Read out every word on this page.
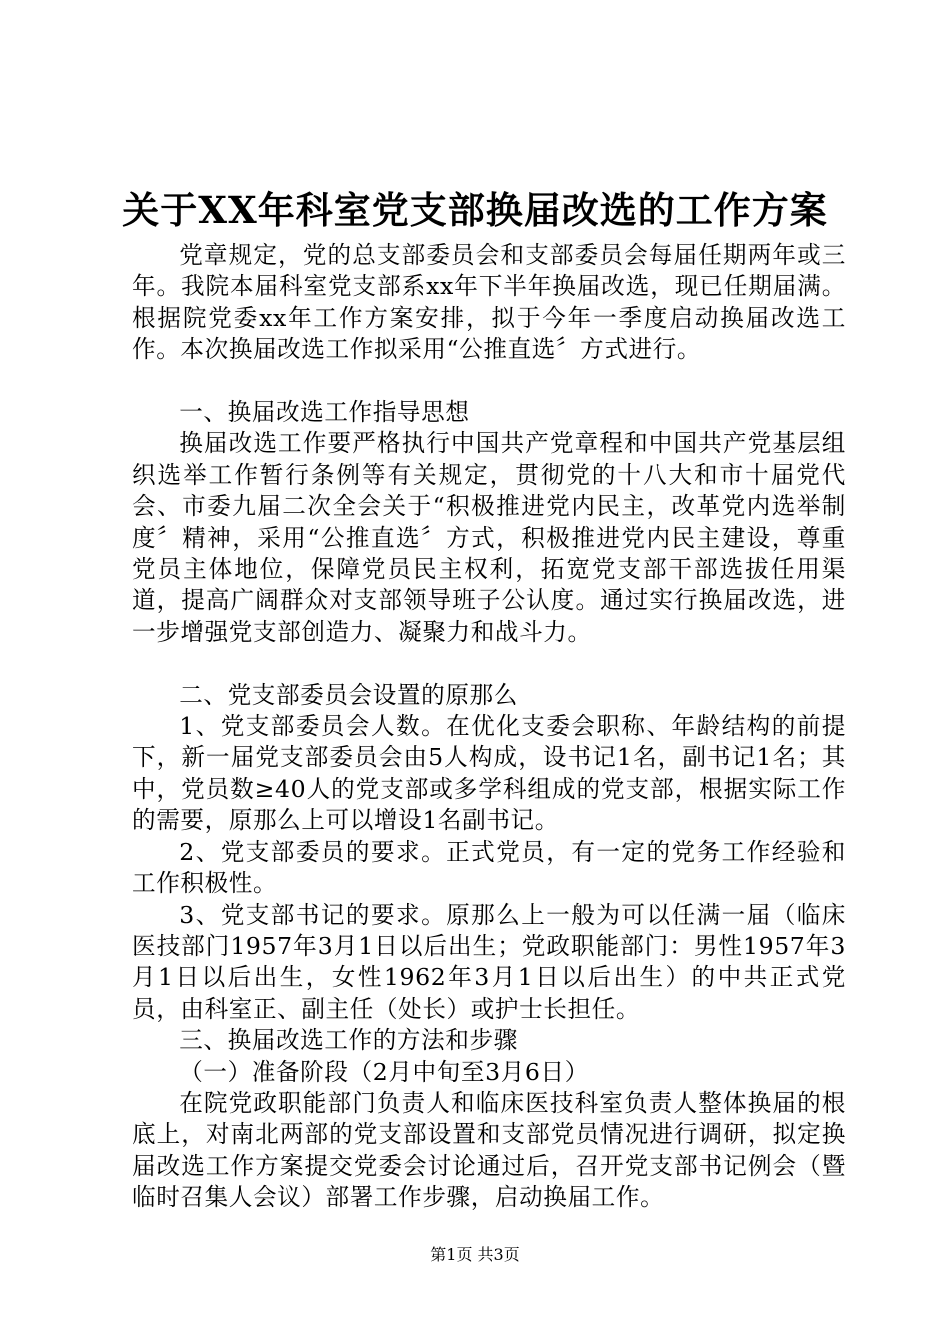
关于XX年科室党支部换届改选的工作方案

党章规定，党的总支部委员会和支部委员会每届任期两年或三年。我院本届科室党支部系xx年下半年换届改选，现已任期届满。根据院党委xx年工作方案安排，拟于今年一季度启动换届改选工作。本次换届改选工作拟采用“公推直选〞方式进行。

一、换届改选工作指导思想

换届改选工作要严格执行中国共产党章程和中国共产党基层组织选举工作暂行条例等有关规定，贯彻党的十八大和市十届党代会、市委九届二次全会关于“积极推进党内民主，改革党内选举制度〞精神，采用“公推直选〞方式，积极推进党内民主建设，尊重党员主体地位，保障党员民主权利，拓宽党支部干部选拔任用渠道，提高广阔群众对支部领导班子公认度。通过实行换届改选，进一步增强党支部创造力、凝聚力和战斗力。

二、党支部委员会设置的原那么

1、党支部委员会人数。在优化支委会职称、年龄结构的前提下，新一届党支部委员会由5人构成，设书记1名，副书记1名；其中，党员数≥40人的党支部或多学科组成的党支部，根据实际工作的需要，原那么上可以增设1名副书记。

2、党支部委员的要求。正式党员，有一定的党务工作经验和工作积极性。

3、党支部书记的要求。原那么上一般为可以任满一届（临床医技部门1957年3月1日以后出生；党政职能部门：男性1957年3月1日以后出生，女性1962年3月1日以后出生）的中共正式党员，由科室正、副主任（处长）或护士长担任。

三、换届改选工作的方法和步骤

（一）准备阶段（2月中旬至3月6日）

在院党政职能部门负责人和临床医技科室负责人整体换届的根底上，对南北两部的党支部设置和支部党员情况进行调研，拟定换届改选工作方案提交党委会讨论通过后，召开党支部书记例会（暨临时召集人会议）部署工作步骤，启动换届工作。

第1页 共3页
